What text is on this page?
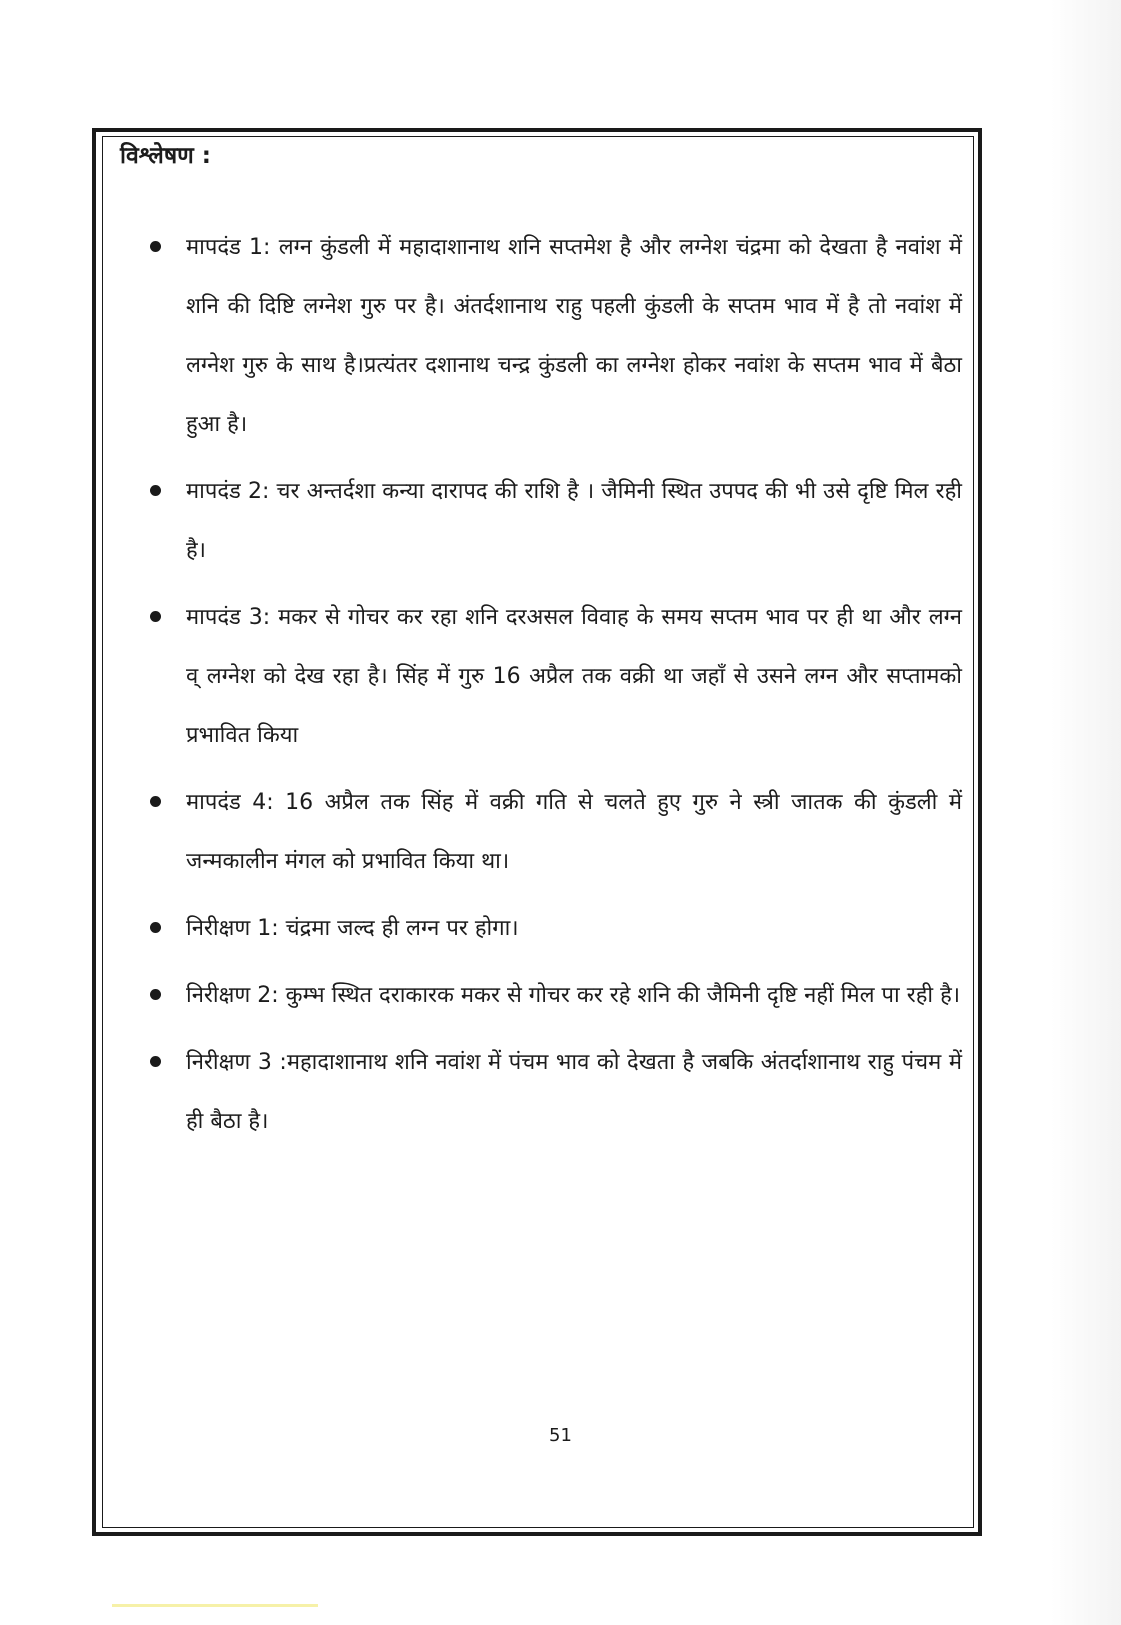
विश्लेषण :
मापदंड 1: लग्न कुंडली में महादाशानाथ शनि सप्तमेश है और लग्नेश चंद्रमा को देखता है नवांश में शनि की दिष्टि लग्नेश गुरु पर है। अंतर्दशानाथ राहु पहली कुंडली के सप्तम भाव में है तो नवांश में लग्नेश गुरु के साथ है।प्रत्यंतर दशानाथ चन्द्र कुंडली का लग्नेश होकर नवांश के सप्तम भाव में बैठा हुआ है।
मापदंड 2: चर अन्तर्दशा कन्या दारापद की राशि है । जैमिनी स्थित उपपद की भी उसे दृष्टि मिल रही है।
मापदंड 3: मकर से गोचर कर रहा शनि दरअसल विवाह के समय सप्तम भाव पर ही था और लग्न व् लग्नेश को देख रहा है। सिंह में गुरु 16 अप्रैल तक वक्री था जहाँ से उसने लग्न और सप्तामको प्रभावित किया
मापदंड 4: 16 अप्रैल तक सिंह में वक्री गति से चलते हुए गुरु ने स्त्री जातक की कुंडली में जन्मकालीन मंगल को प्रभावित किया था।
निरीक्षण 1: चंद्रमा जल्द ही लग्न पर होगा।
निरीक्षण 2: कुम्भ स्थित दराकारक मकर से गोचर कर रहे शनि की जैमिनी दृष्टि नहीं मिल पा रही है।
निरीक्षण 3 :महादाशानाथ शनि नवांश में पंचम भाव को देखता है जबकि अंतर्दाशानाथ राहु पंचम में ही बैठा है।
51
